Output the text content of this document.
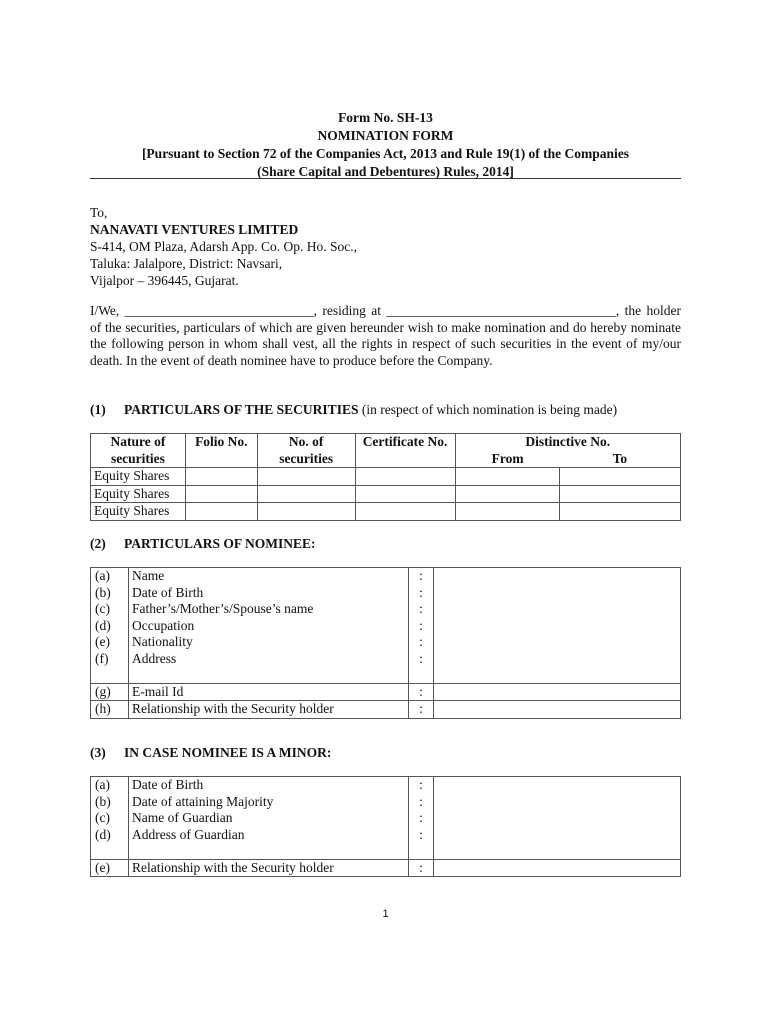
Form No. SH-13
NOMINATION FORM
[Pursuant to Section 72 of the Companies Act, 2013 and Rule 19(1) of the Companies
(Share Capital and Debentures) Rules, 2014]
To,
NANAVATI VENTURES LIMITED
S-414, OM Plaza, Adarsh App. Co. Op. Ho. Soc.,
Taluka: Jalalpore, District: Navsari,
Vijalpor – 396445, Gujarat.
I/We, ____________________________, residing at __________________________________, the holder of the securities, particulars of which are given hereunder wish to make nomination and do hereby nominate the following person in whom shall vest, all the rights in respect of such securities in the event of my/our death. In the event of death nominee have to produce before the Company.
(1) PARTICULARS OF THE SECURITIES (in respect of which nomination is being made)
Nature of securities	Folio No.	No. of securities	Certificate No.	Distinctive No.	
				From	To
Equity Shares					
Equity Shares					
Equity Shares					
(2) PARTICULARS OF NOMINEE:
(a)	Name	:	
(b)	Date of Birth	:	
(c)	Father’s/Mother’s/Spouse’s name	:	
(d)	Occupation	:	
(e)	Nationality	:	
(f)	Address	:	
(g)	E-mail Id	:	
(h)	Relationship with the Security holder	:	
(3) IN CASE NOMINEE IS A MINOR:
(a)	Date of Birth	:	
(b)	Date of attaining Majority	:	
(c)	Name of Guardian	:	
(d)	Address of Guardian	:	
(e)	Relationship with the Security holder	:	
1
